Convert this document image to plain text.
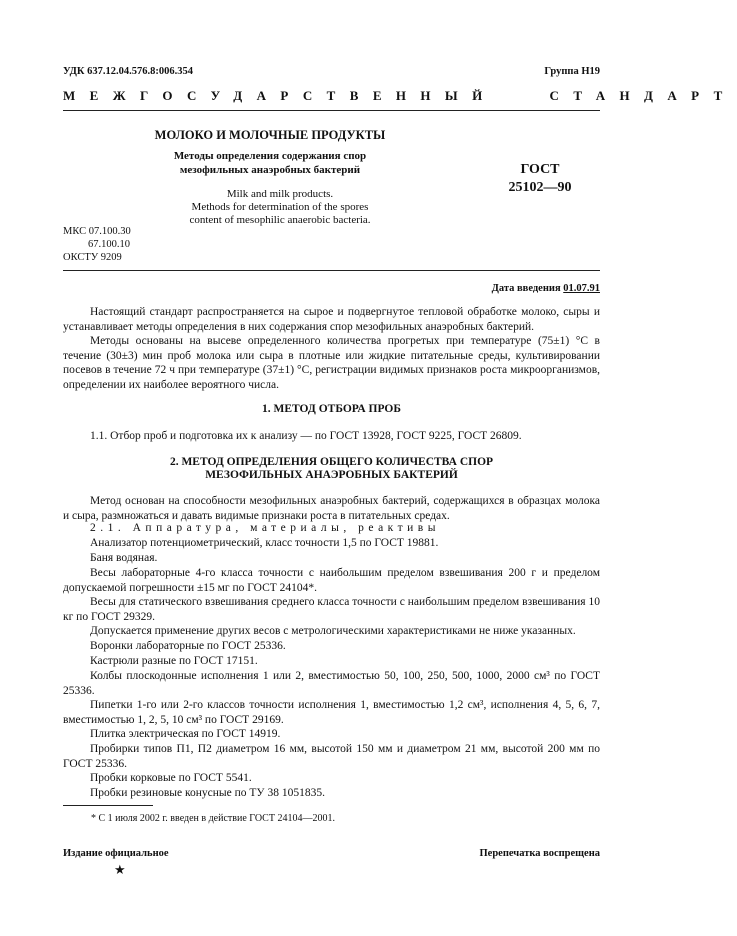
УДК 637.12.04.576.8:006.354	Группа Н19
МЕЖГОСУДАРСТВЕННЫЙ   СТАНДАРТ
МОЛОКО И МОЛОЧНЫЕ ПРОДУКТЫ
Методы определения содержания спор
мезофильных анаэробных бактерий
Milk and milk products.
Methods for determination of the spores
content of mesophilic anaerobic bacteria.
ГОСТ
25102—90
МКС 07.100.30
67.100.10
ОКСТУ 9209
Дата введения 01.07.91
Настоящий стандарт распространяется на сырое и подвергнутое тепловой обработке молоко, сыры и устанавливает методы определения в них содержания спор мезофильных анаэробных бактерий.
Методы основаны на высеве определенного количества прогретых при температуре (75±1) °С в течение (30±3) мин проб молока или сыра в плотные или жидкие питательные среды, культивировании посевов в течение 72 ч при температуре (37±1) °С, регистрации видимых признаков роста микроорганизмов, определении их наиболее вероятного числа.
1. МЕТОД ОТБОРА ПРОБ
1.1. Отбор проб и подготовка их к анализу — по ГОСТ 13928, ГОСТ 9225, ГОСТ 26809.
2. МЕТОД ОПРЕДЕЛЕНИЯ ОБЩЕГО КОЛИЧЕСТВА СПОР
МЕЗОФИЛЬНЫХ АНАЭРОБНЫХ БАКТЕРИЙ
Метод основан на способности мезофильных анаэробных бактерий, содержащихся в образцах молока и сыра, размножаться и давать видимые признаки роста в питательных средах.
2.1. Аппаратура, материалы, реактивы
Анализатор потенциометрический, класс точности 1,5 по ГОСТ 19881.
Баня водяная.
Весы лабораторные 4-го класса точности с наибольшим пределом взвешивания 200 г и пределом допускаемой погрешности ±15 мг по ГОСТ 24104*.
Весы для статического взвешивания среднего класса точности с наибольшим пределом взвешивания 10 кг по ГОСТ 29329.
Допускается применение других весов с метрологическими характеристиками не ниже указанных.
Воронки лабораторные по ГОСТ 25336.
Кастрюли разные по ГОСТ 17151.
Колбы плоскодонные исполнения 1 или 2, вместимостью 50, 100, 250, 500, 1000, 2000 см³ по ГОСТ 25336.
Пипетки 1-го или 2-го классов точности исполнения 1, вместимостью 1,2 см³, исполнения 4, 5, 6, 7, вместимостью 1, 2, 5, 10 см³ по ГОСТ 29169.
Плитка электрическая по ГОСТ 14919.
Пробирки типов П1, П2 диаметром 16 мм, высотой 150 мм и диаметром 21 мм, высотой 200 мм по ГОСТ 25336.
Пробки корковые по ГОСТ 5541.
Пробки резиновые конусные по ТУ 38 1051835.
* С 1 июля 2002 г. введен в действие ГОСТ 24104—2001.
Издание официальное	Перепечатка воспрещена
★
